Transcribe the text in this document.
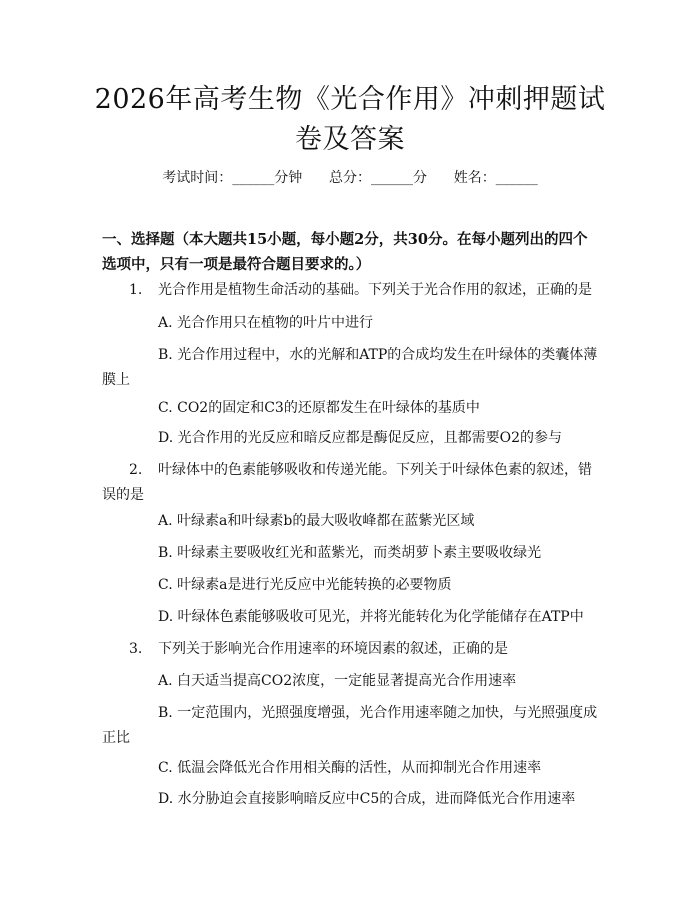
2026年高考生物《光合作用》冲刺押题试卷及答案
考试时间：______分钟      总分：______分      姓名：______
一、选择题（本大题共15小题，每小题2分，共30分。在每小题列出的四个选项中，只有一项是最符合题目要求的。）
1. 光合作用是植物生命活动的基础。下列关于光合作用的叙述，正确的是
A. 光合作用只在植物的叶片中进行
B. 光合作用过程中，水的光解和ATP的合成均发生在叶绿体的类囊体薄膜上
C. CO2的固定和C3的还原都发生在叶绿体的基质中
D. 光合作用的光反应和暗反应都是酶促反应，且都需要O2的参与
2. 叶绿体中的色素能够吸收和传递光能。下列关于叶绿体色素的叙述，错误的是
A. 叶绿素a和叶绿素b的最大吸收峰都在蓝紫光区域
B. 叶绿素主要吸收红光和蓝紫光，而类胡萝卜素主要吸收绿光
C. 叶绿素a是进行光反应中光能转换的必要物质
D. 叶绿体色素能够吸收可见光，并将光能转化为化学能储存在ATP中
3. 下列关于影响光合作用速率的环境因素的叙述，正确的是
A. 白天适当提高CO2浓度，一定能显著提高光合作用速率
B. 一定范围内，光照强度增强，光合作用速率随之加快，与光照强度成正比
C. 低温会降低光合作用相关酶的活性，从而抑制光合作用速率
D. 水分胁迫会直接影响暗反应中C5的合成，进而降低光合作用速率
